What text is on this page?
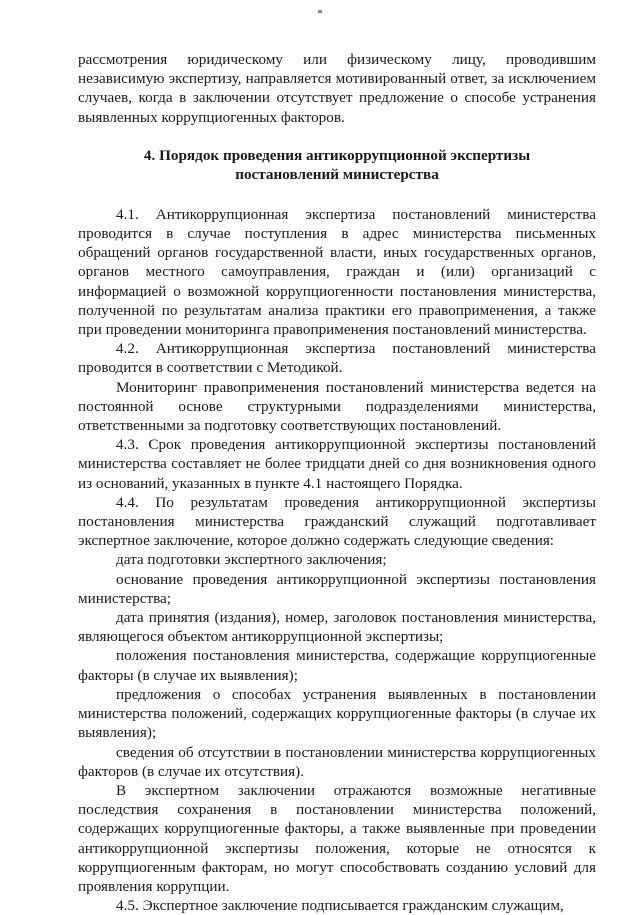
рассмотрения юридическому или физическому лицу, проводившим независимую экспертизу, направляется мотивированный ответ, за исключением случаев, когда в заключении отсутствует предложение о способе устранения выявленных коррупциогенных факторов.

4. Порядок проведения антикоррупционной экспертизы
постановлений министерства

4.1. Антикоррупционная экспертиза постановлений министерства проводится в случае поступления в адрес министерства письменных обращений органов государственной власти, иных государственных органов, органов местного самоуправления, граждан и (или) организаций с информацией о возможной коррупциогенности постановления министерства, полученной по результатам анализа практики его правоприменения, а также при проведении мониторинга правоприменения постановлений министерства.

4.2. Антикоррупционная экспертиза постановлений министерства проводится в соответствии с Методикой.

Мониторинг правоприменения постановлений министерства ведется на постоянной основе структурными подразделениями министерства, ответственными за подготовку соответствующих постановлений.

4.3. Срок проведения антикоррупционной экспертизы постановлений министерства составляет не более тридцати дней со дня возникновения одного из оснований, указанных в пункте 4.1 настоящего Порядка.

4.4. По результатам проведения антикоррупционной экспертизы постановления министерства гражданский служащий подготавливает экспертное заключение, которое должно содержать следующие сведения:

дата подготовки экспертного заключения;

основание проведения антикоррупционной экспертизы постановления министерства;

дата принятия (издания), номер, заголовок постановления министерства, являющегося объектом антикоррупционной экспертизы;

положения постановления министерства, содержащие коррупциогенные факторы (в случае их выявления);

предложения о способах устранения выявленных в постановлении министерства положений, содержащих коррупциогенные факторы (в случае их выявления);

сведения об отсутствии в постановлении министерства коррупциогенных факторов (в случае их отсутствия).

В экспертном заключении отражаются возможные негативные последствия сохранения в постановлении министерства положений, содержащих коррупциогенные факторы, а также выявленные при проведении антикоррупционной экспертизы положения, которые не относятся к коррупциогенным факторам, но могут способствовать созданию условий для проявления коррупции.

4.5. Экспертное заключение подписывается гражданским служащим,
